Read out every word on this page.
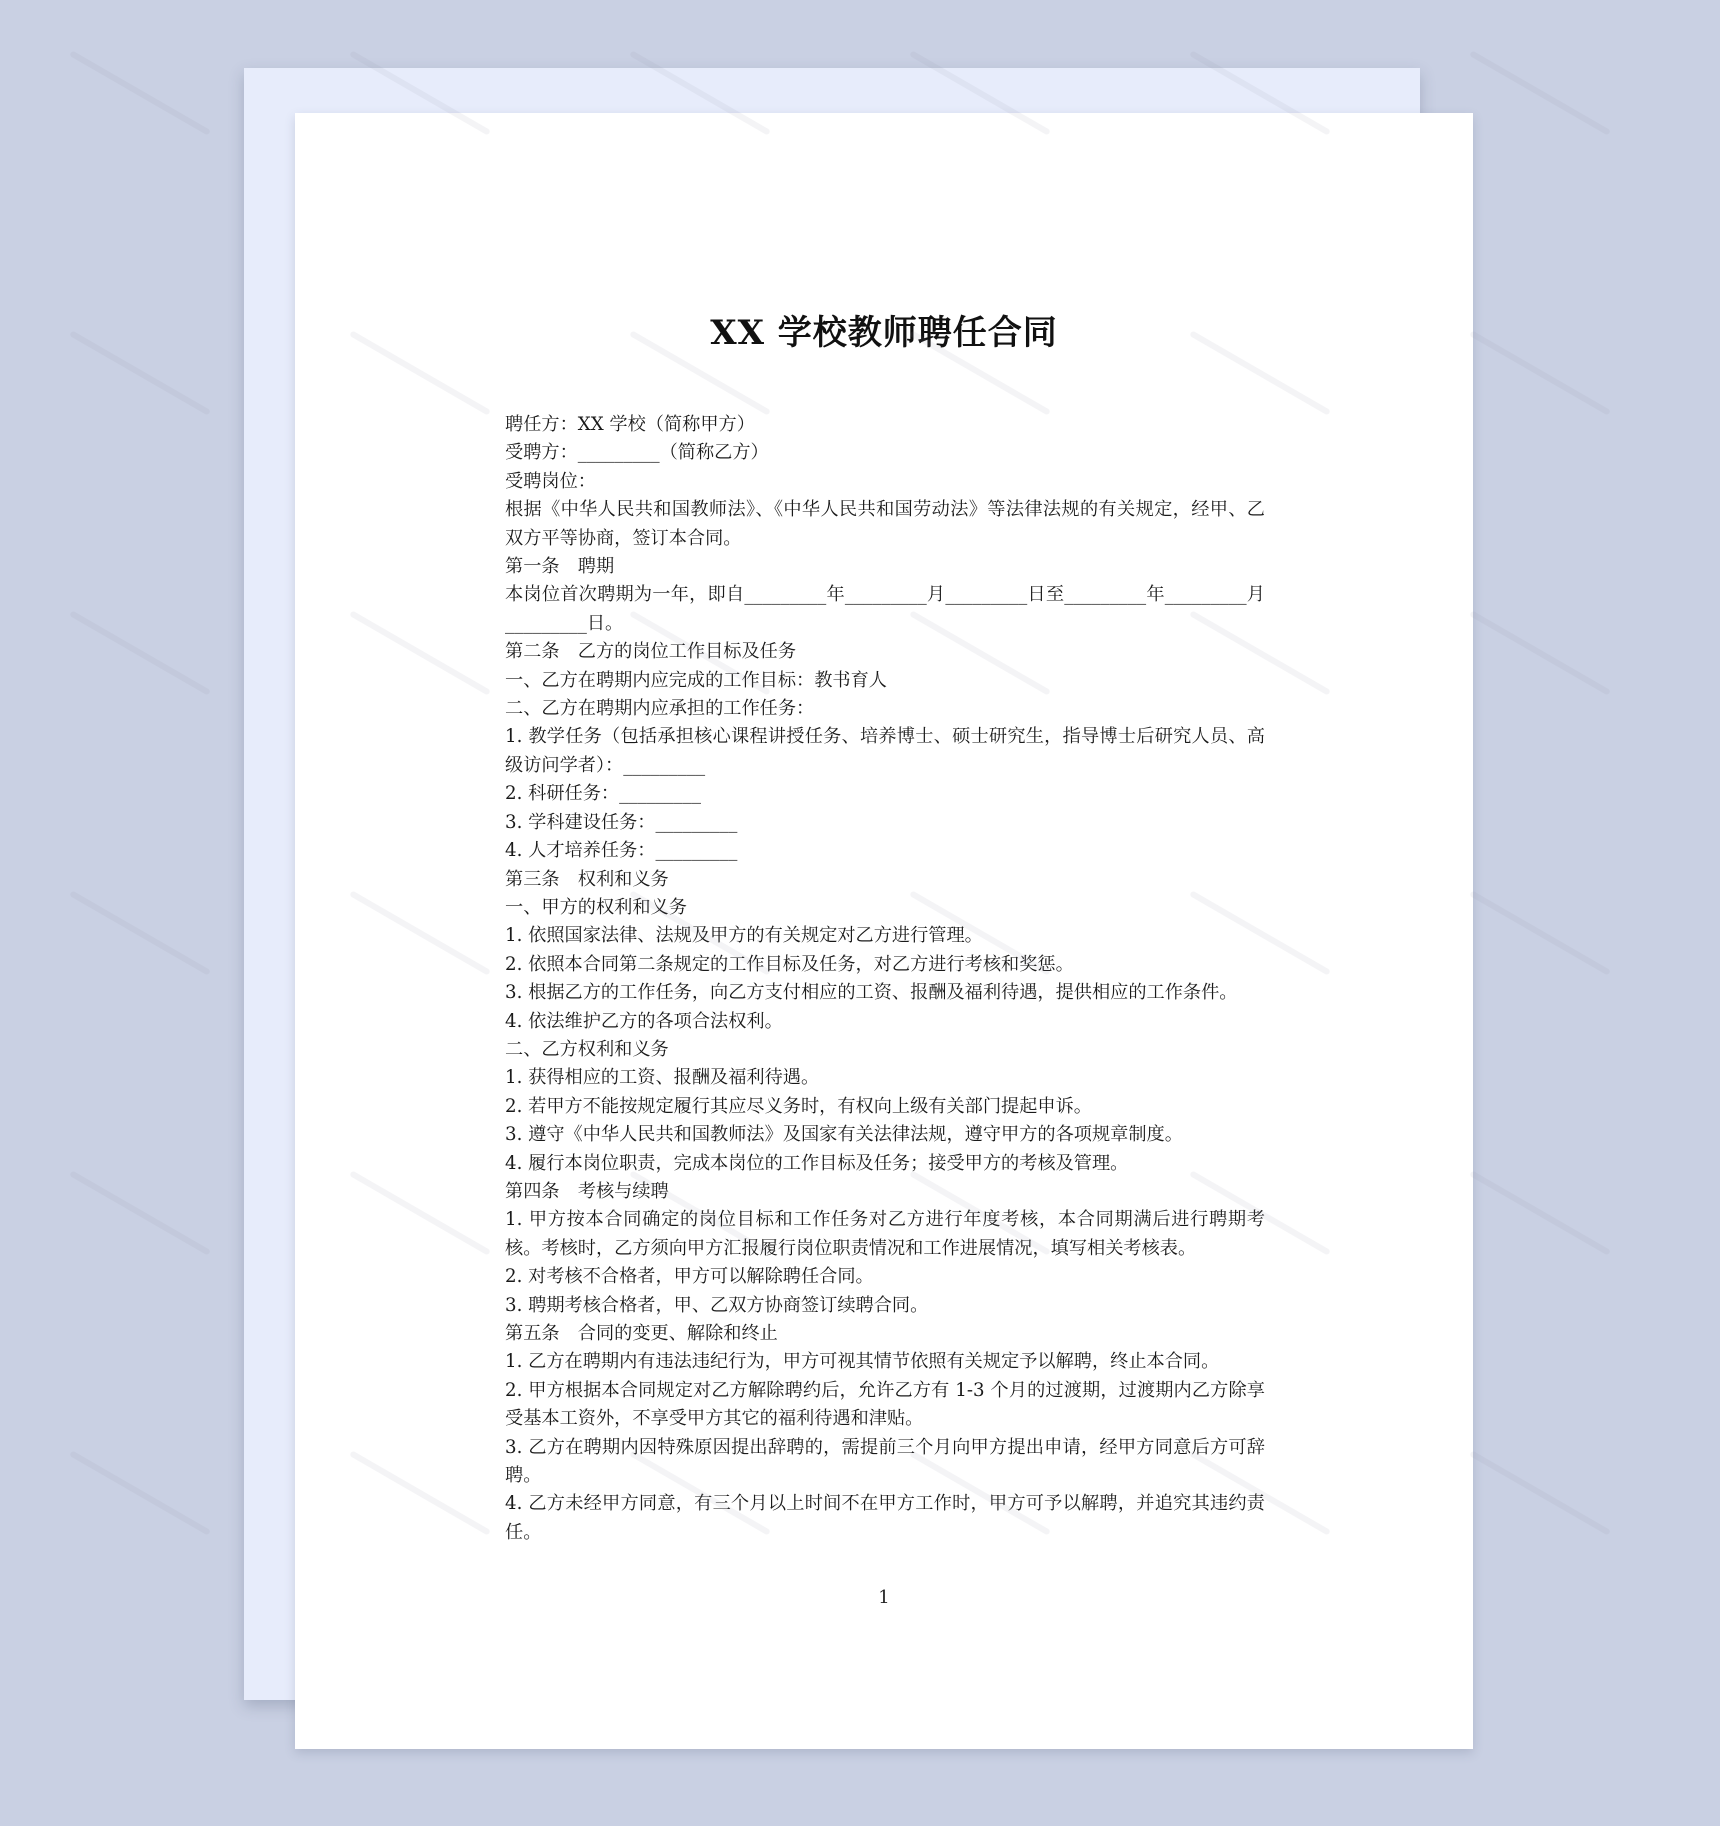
XX 学校教师聘任合同

聘任方：XX 学校（简称甲方）

受聘方：_________（简称乙方）

受聘岗位：

根据《中华人民共和国教师法》、《中华人民共和国劳动法》等法律法规的有关规定，经甲、乙双方平等协商，签订本合同。

第一条　聘期

本岗位首次聘期为一年，即自_________年_________月_________日至_________年_________月_________日。

第二条　乙方的岗位工作目标及任务

一、乙方在聘期内应完成的工作目标：教书育人

二、乙方在聘期内应承担的工作任务：

1. 教学任务（包括承担核心课程讲授任务、培养博士、硕士研究生，指导博士后研究人员、高级访问学者）：_________

2. 科研任务：_________

3. 学科建设任务：_________

4. 人才培养任务：_________

第三条　权利和义务

一、甲方的权利和义务

1. 依照国家法律、法规及甲方的有关规定对乙方进行管理。

2. 依照本合同第二条规定的工作目标及任务，对乙方进行考核和奖惩。

3. 根据乙方的工作任务，向乙方支付相应的工资、报酬及福利待遇，提供相应的工作条件。

4. 依法维护乙方的各项合法权利。

二、乙方权利和义务

1. 获得相应的工资、报酬及福利待遇。

2. 若甲方不能按规定履行其应尽义务时，有权向上级有关部门提起申诉。

3. 遵守《中华人民共和国教师法》及国家有关法律法规，遵守甲方的各项规章制度。

4. 履行本岗位职责，完成本岗位的工作目标及任务；接受甲方的考核及管理。

第四条　考核与续聘

1. 甲方按本合同确定的岗位目标和工作任务对乙方进行年度考核，本合同期满后进行聘期考核。考核时，乙方须向甲方汇报履行岗位职责情况和工作进展情况，填写相关考核表。

2. 对考核不合格者，甲方可以解除聘任合同。

3. 聘期考核合格者，甲、乙双方协商签订续聘合同。

第五条　合同的变更、解除和终止

1. 乙方在聘期内有违法违纪行为，甲方可视其情节依照有关规定予以解聘，终止本合同。

2. 甲方根据本合同规定对乙方解除聘约后，允许乙方有 1-3 个月的过渡期，过渡期内乙方除享受基本工资外，不享受甲方其它的福利待遇和津贴。

3. 乙方在聘期内因特殊原因提出辞聘的，需提前三个月向甲方提出申请，经甲方同意后方可辞聘。

4. 乙方未经甲方同意，有三个月以上时间不在甲方工作时，甲方可予以解聘，并追究其违约责任。

1
